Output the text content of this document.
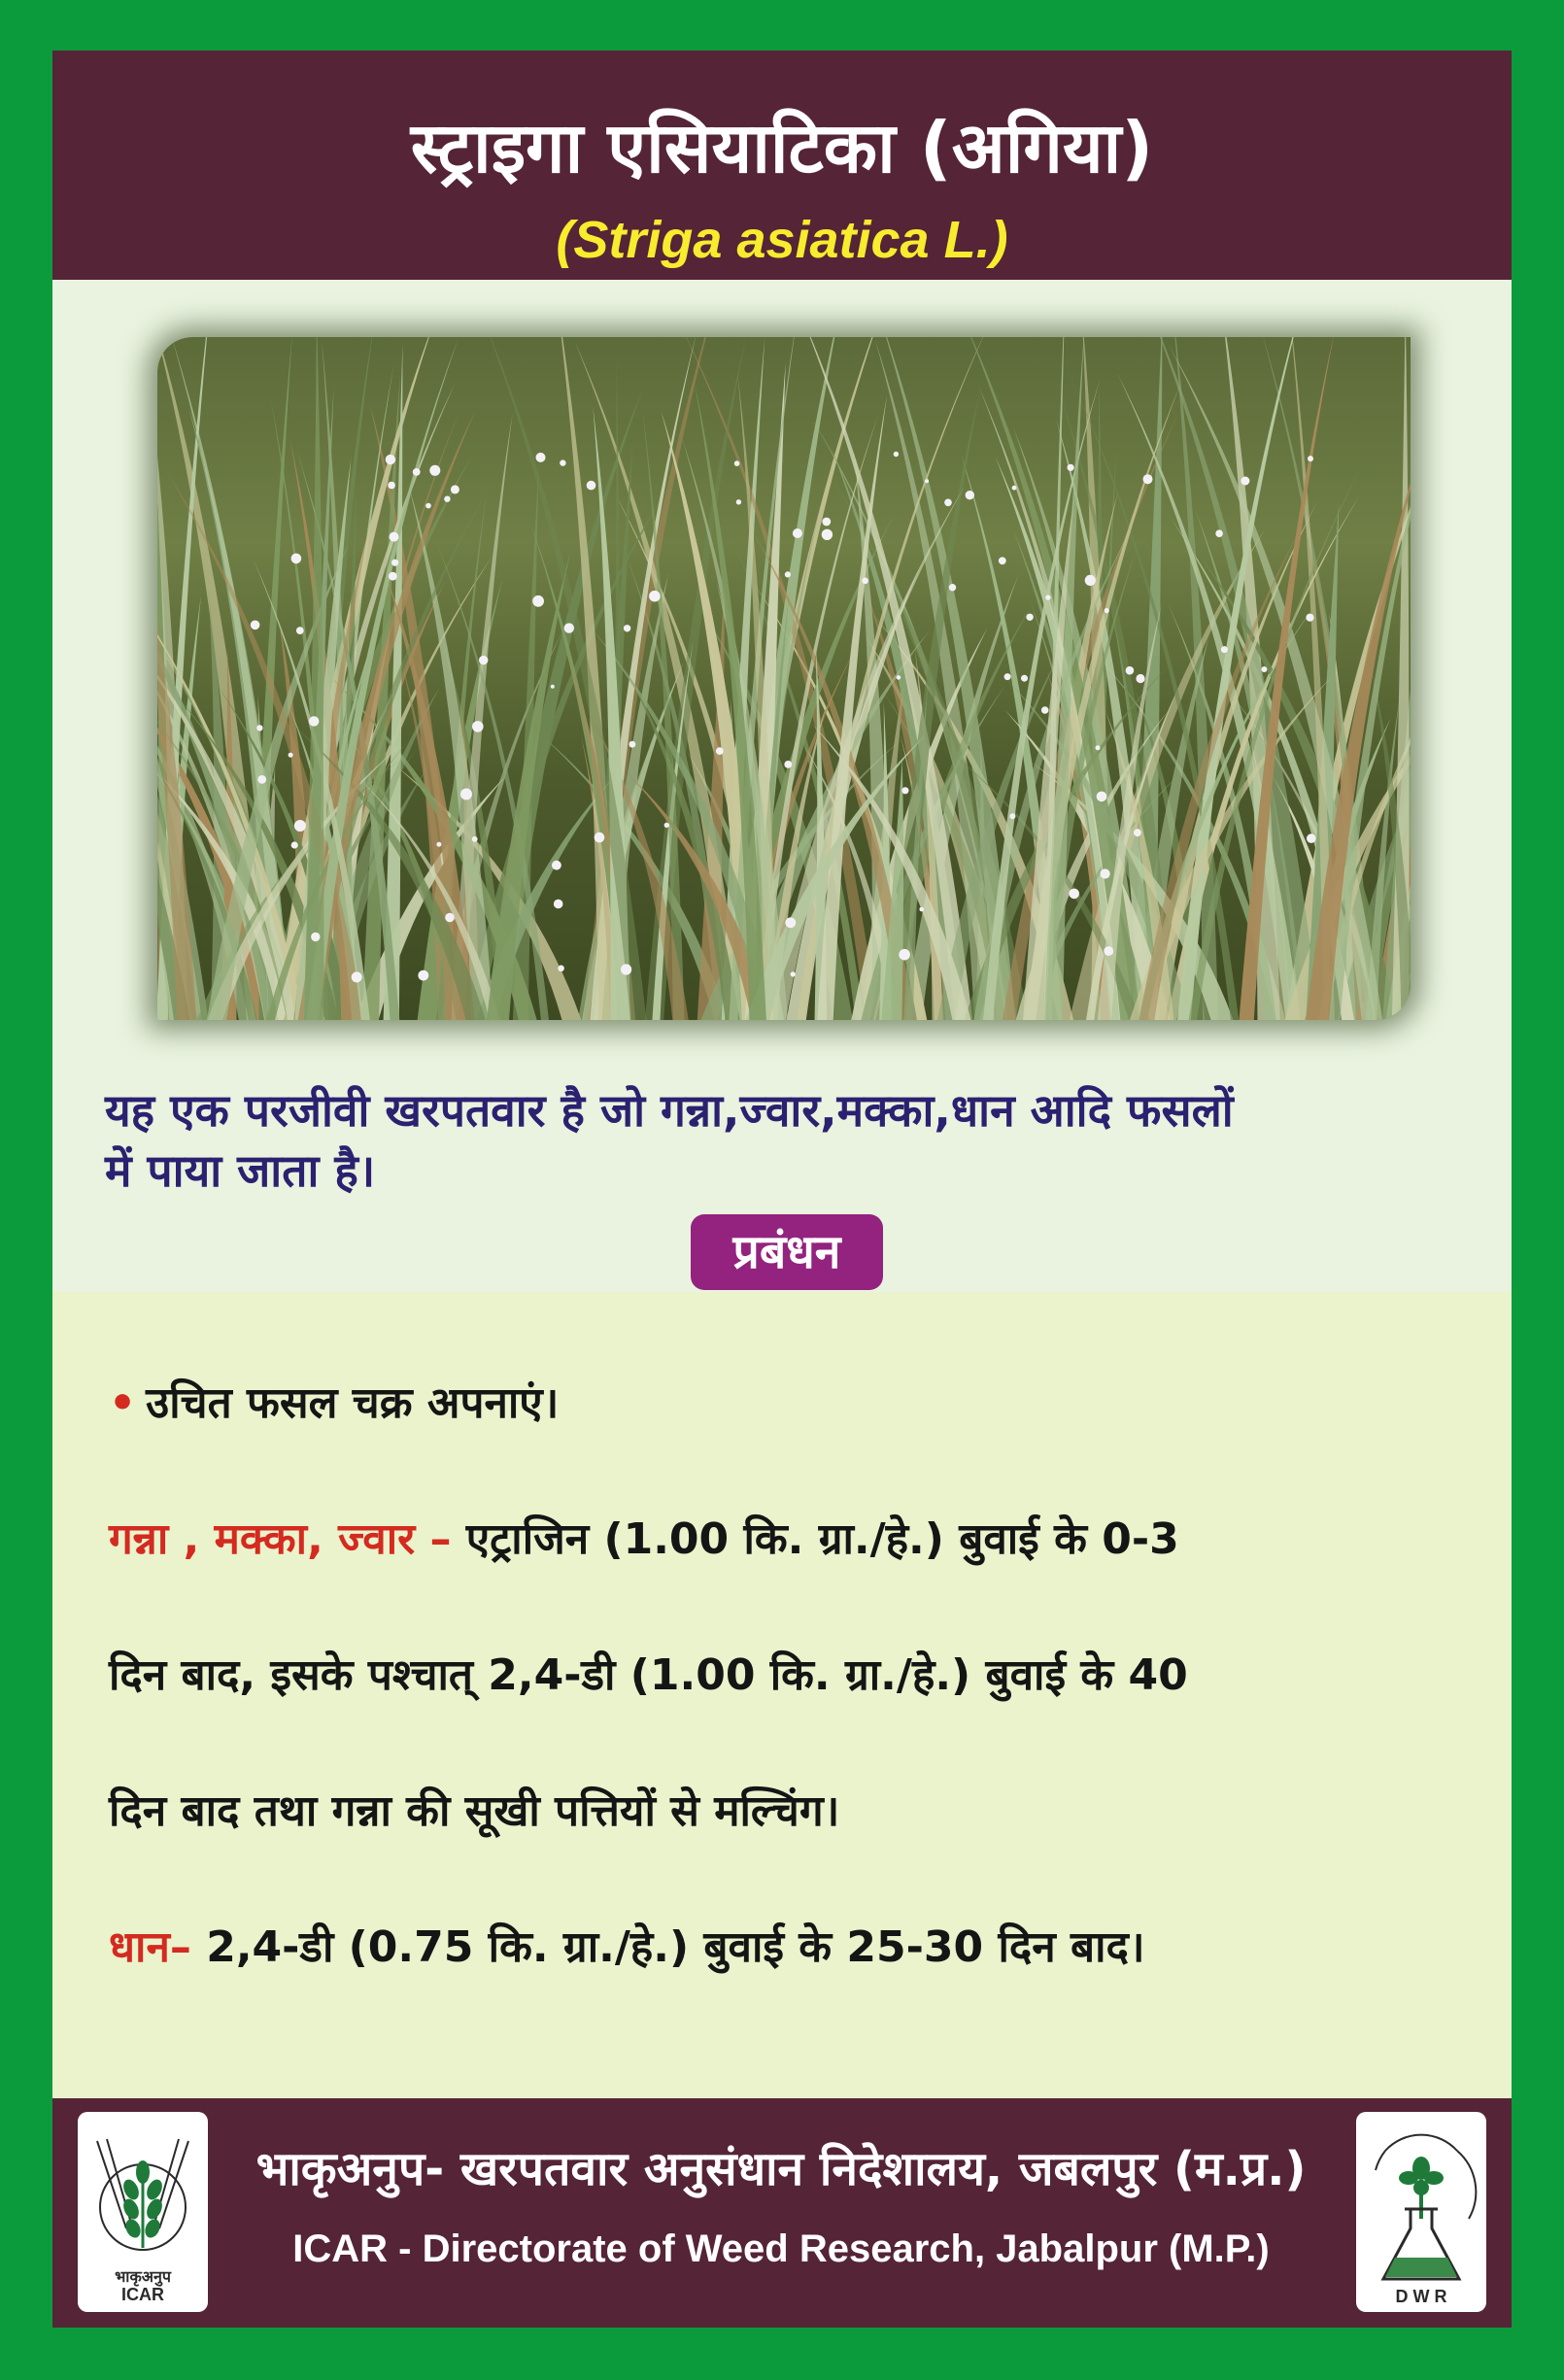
स्ट्राइगा एसियाटिका (अगिया)
(Striga asiatica L.)
यह एक परजीवी खरपतवार है जो गन्ना,ज्वार,मक्का,धान आदि फसलों
में पाया जाता है।
प्रबंधन
• उचित फसल चक्र अपनाएं।
गन्ना , मक्का, ज्वार – एट्राजिन (1.00 कि. ग्रा./हे.) बुवाई के 0-3
दिन बाद, इसके पश्चात् 2,4-डी (1.00 कि. ग्रा./हे.) बुवाई के 40
दिन बाद तथा गन्ना की सूखी पत्तियों से मल्चिंग।
धान– 2,4-डी (0.75 कि. ग्रा./हे.) बुवाई के 25-30 दिन बाद।
भाकृअनुप
ICAR
भाकृअनुप- खरपतवार अनुसंधान निदेशालय, जबलपुर (म.प्र.)
ICAR - Directorate of Weed Research, Jabalpur (M.P.)
D W R
